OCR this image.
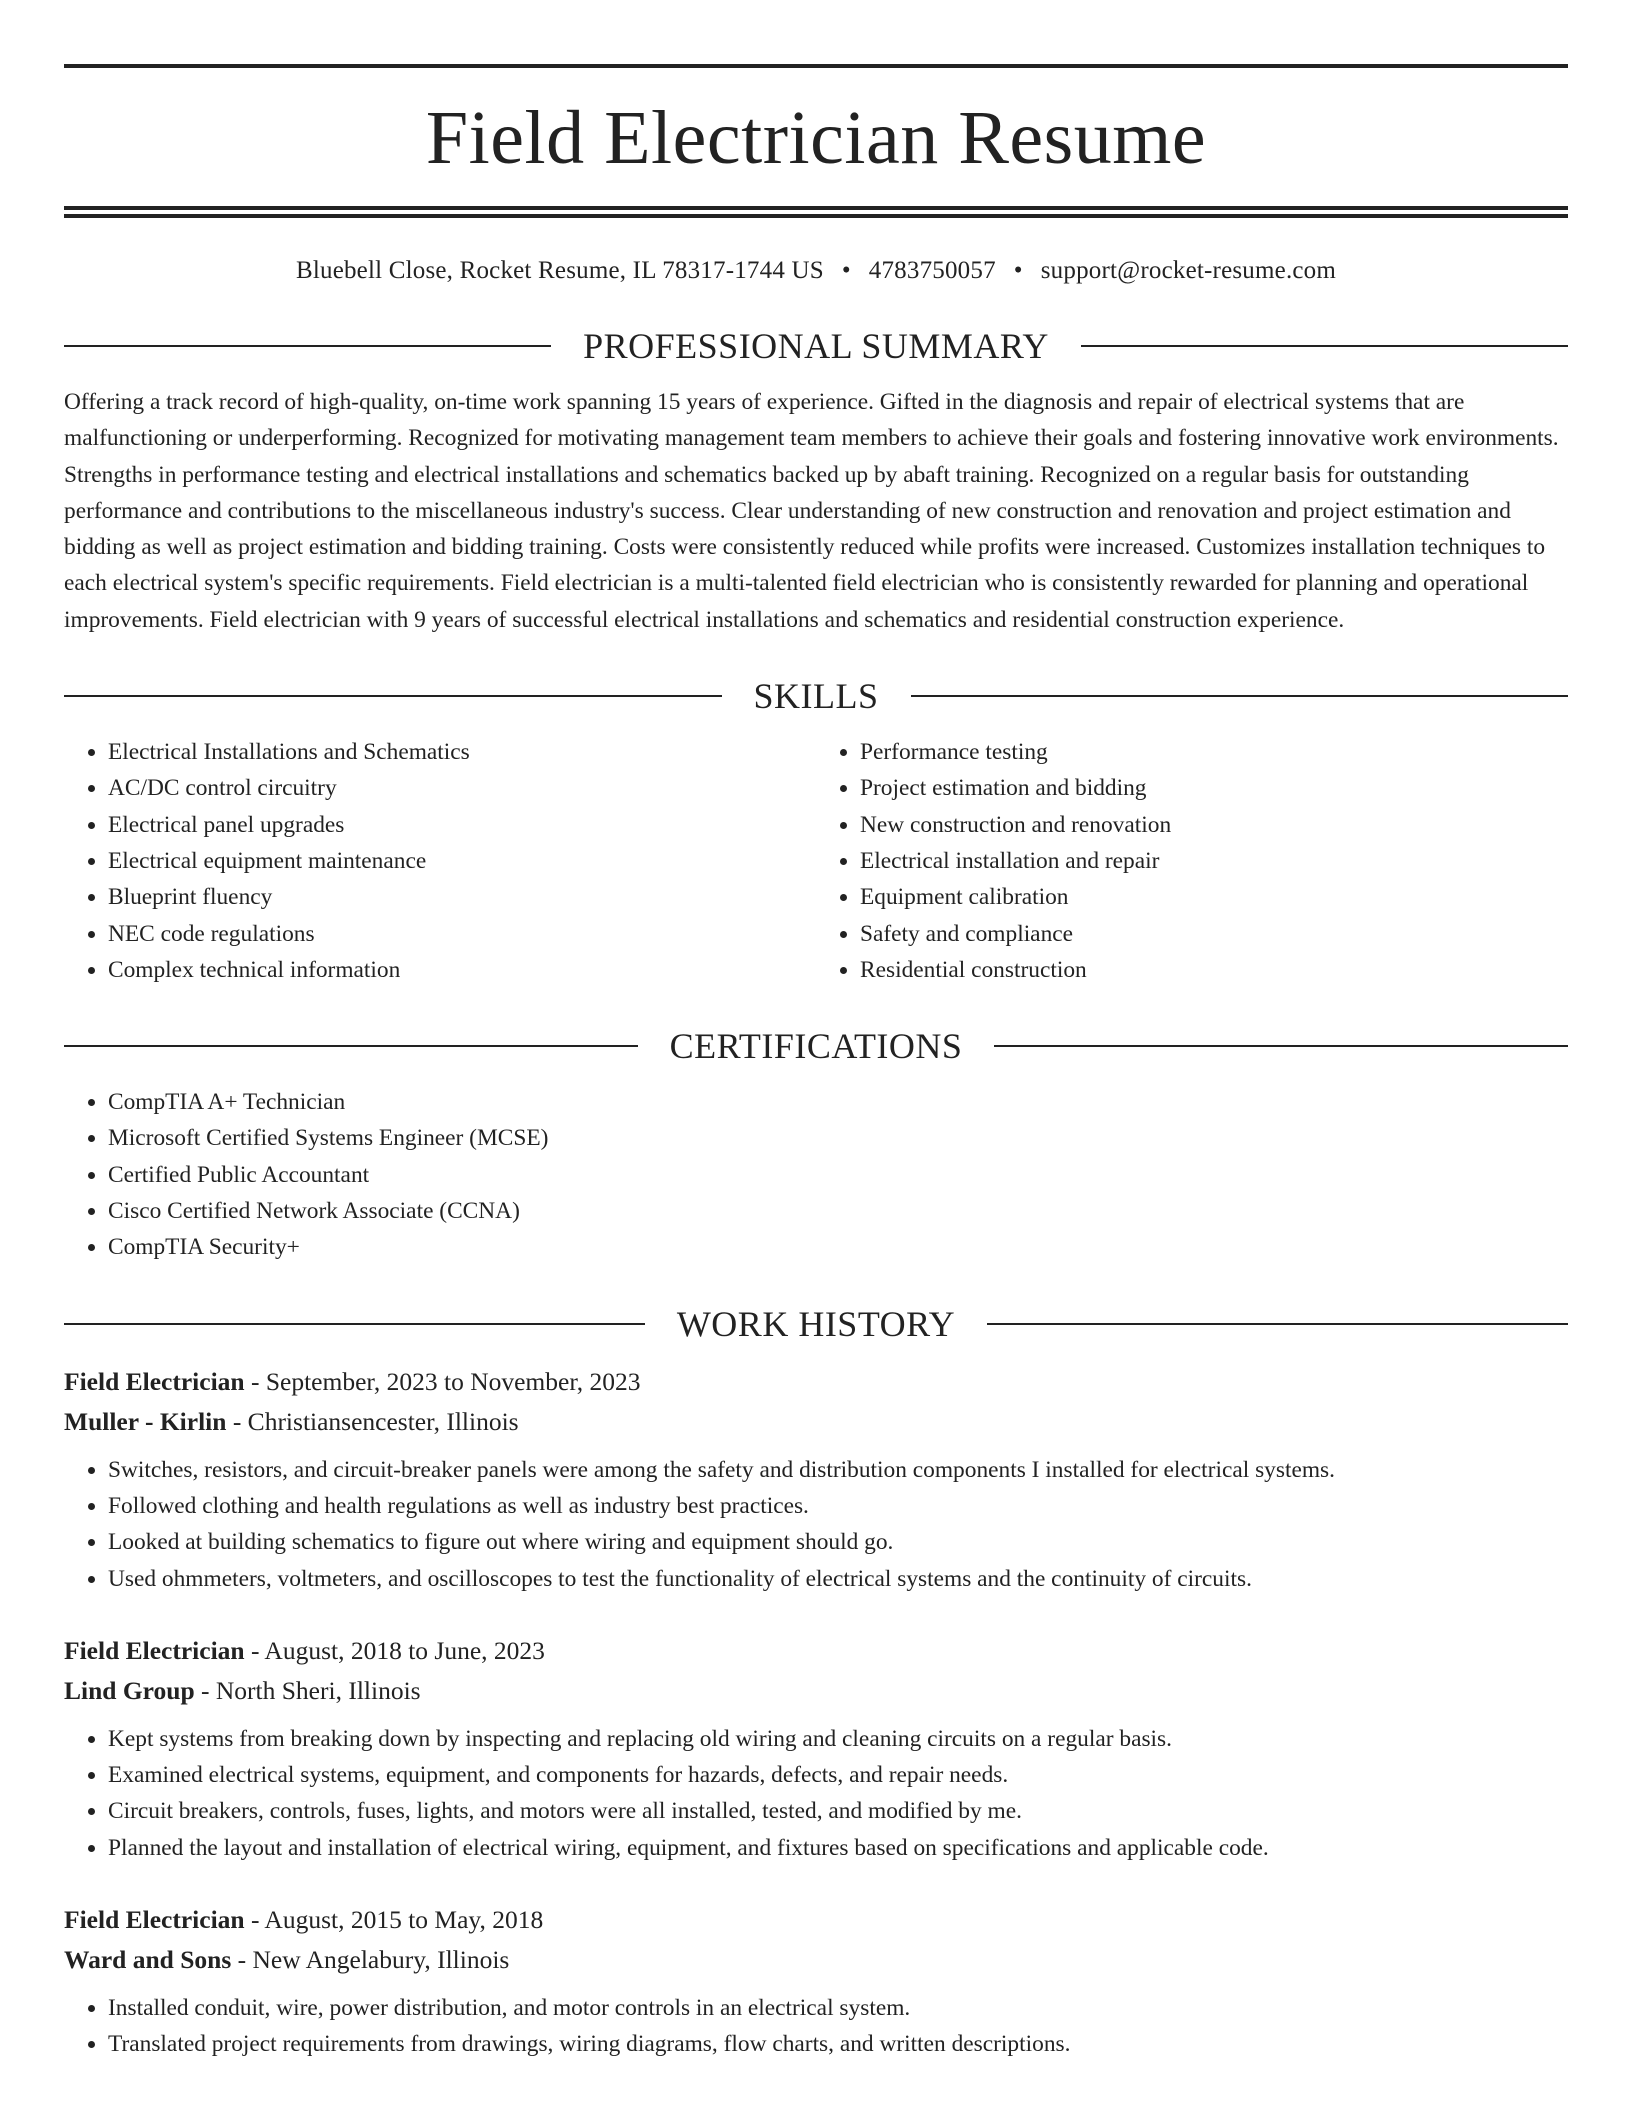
Field Electrician Resume
Bluebell Close, Rocket Resume, IL 78317-1744 US • 4783750057 • support@rocket-resume.com
PROFESSIONAL SUMMARY

Offering a track record of high-quality, on-time work spanning 15 years of experience. Gifted in the diagnosis and repair of electrical systems that are malfunctioning or underperforming. Recognized for motivating management team members to achieve their goals and fostering innovative work environments. Strengths in performance testing and electrical installations and schematics backed up by abaft training. Recognized on a regular basis for outstanding performance and contributions to the miscellaneous industry's success. Clear understanding of new construction and renovation and project estimation and bidding as well as project estimation and bidding training. Costs were consistently reduced while profits were increased. Customizes installation techniques to each electrical system's specific requirements. Field electrician is a multi-talented field electrician who is consistently rewarded for planning and operational improvements. Field electrician with 9 years of successful electrical installations and schematics and residential construction experience.

SKILLS
• Electrical Installations and Schematics
• AC/DC control circuitry
• Electrical panel upgrades
• Electrical equipment maintenance
• Blueprint fluency
• NEC code regulations
• Complex technical information
• Performance testing
• Project estimation and bidding
• New construction and renovation
• Electrical installation and repair
• Equipment calibration
• Safety and compliance
• Residential construction
CERTIFICATIONS
• CompTIA A+ Technician
• Microsoft Certified Systems Engineer (MCSE)
• Certified Public Accountant
• Cisco Certified Network Associate (CCNA)
• CompTIA Security+
WORK HISTORY
Field Electrician - September, 2023 to November, 2023
Muller - Kirlin - Christiansencester, Illinois
• Switches, resistors, and circuit-breaker panels were among the safety and distribution components I installed for electrical systems.
• Followed clothing and health regulations as well as industry best practices.
• Looked at building schematics to figure out where wiring and equipment should go.
• Used ohmmeters, voltmeters, and oscilloscopes to test the functionality of electrical systems and the continuity of circuits.
Field Electrician - August, 2018 to June, 2023
Lind Group - North Sheri, Illinois
• Kept systems from breaking down by inspecting and replacing old wiring and cleaning circuits on a regular basis.
• Examined electrical systems, equipment, and components for hazards, defects, and repair needs.
• Circuit breakers, controls, fuses, lights, and motors were all installed, tested, and modified by me.
• Planned the layout and installation of electrical wiring, equipment, and fixtures based on specifications and applicable code.
Field Electrician - August, 2015 to May, 2018
Ward and Sons - New Angelabury, Illinois
• Installed conduit, wire, power distribution, and motor controls in an electrical system.
• Translated project requirements from drawings, wiring diagrams, flow charts, and written descriptions.
